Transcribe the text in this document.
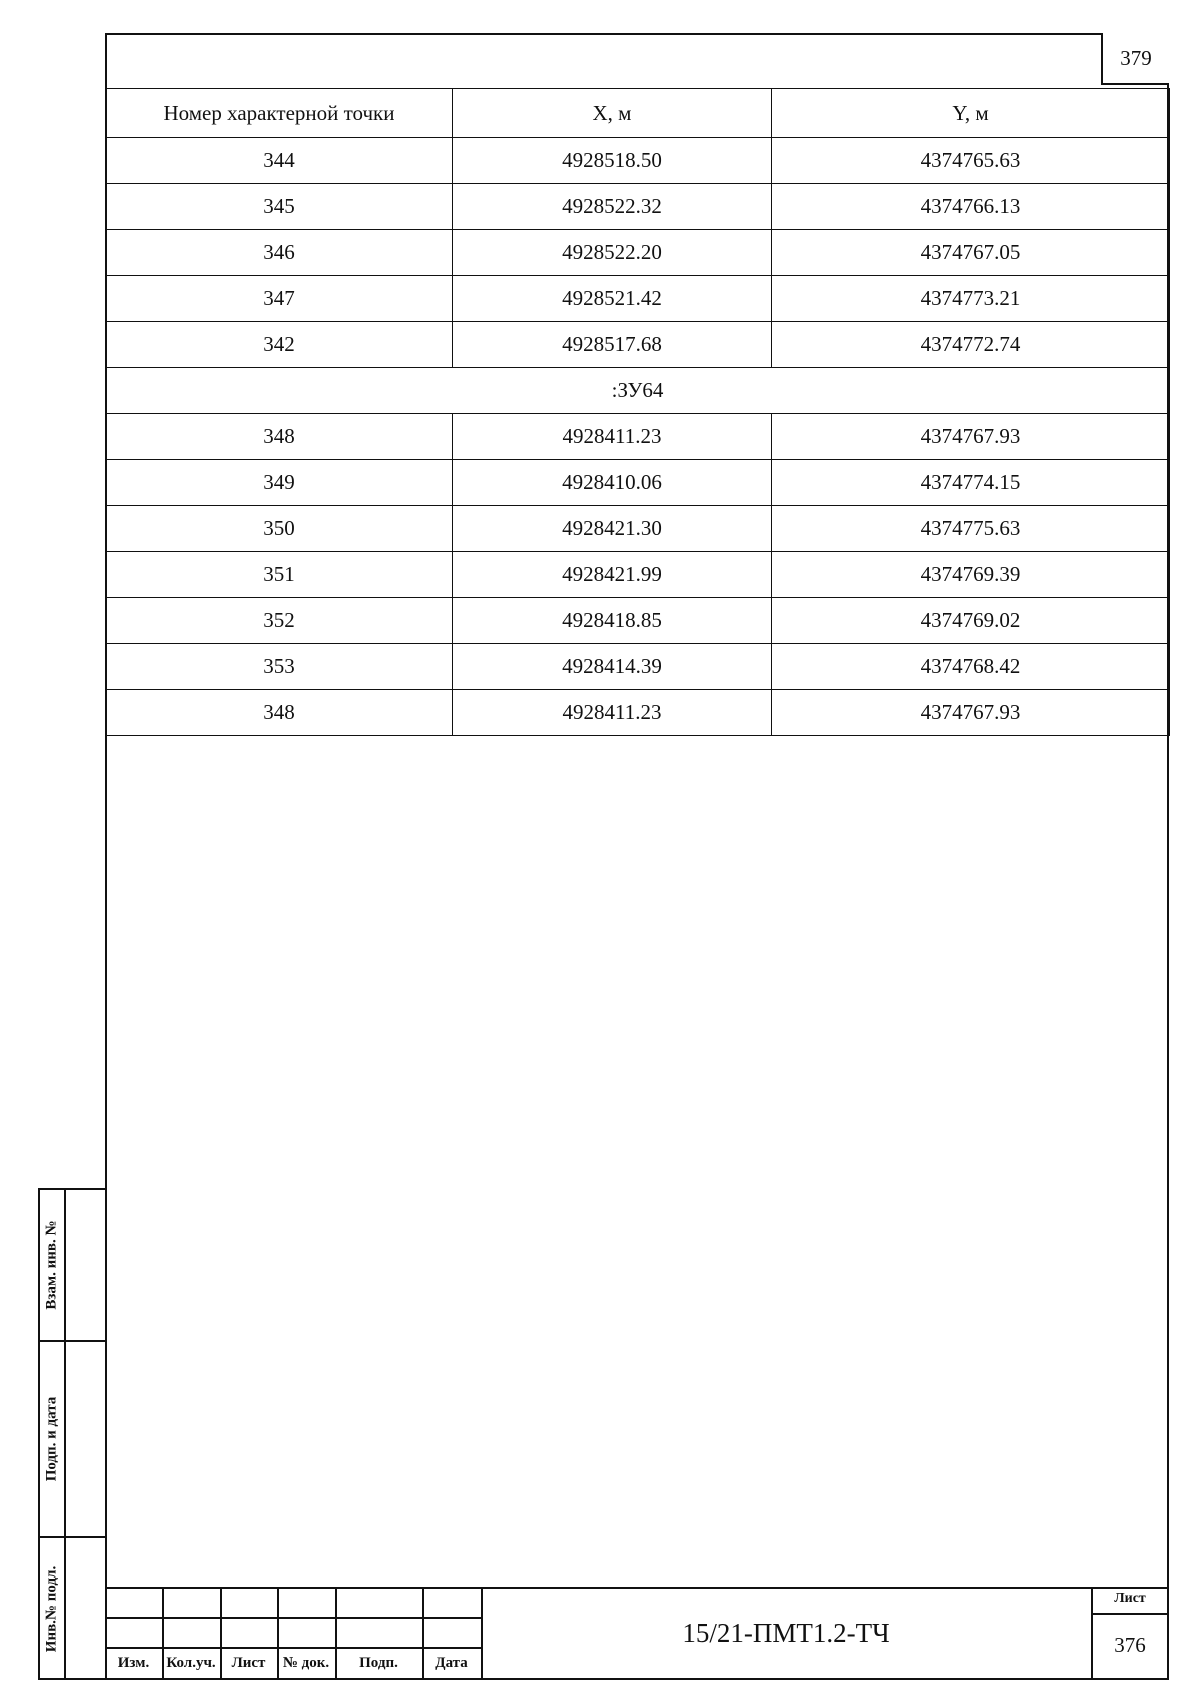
379
Номер характерной точки	X, м	Y, м
344	4928518.50	4374765.63
345	4928522.32	4374766.13
346	4928522.20	4374767.05
347	4928521.42	4374773.21
342	4928517.68	4374772.74
:ЗУ64		
348	4928411.23	4374767.93
349	4928410.06	4374774.15
350	4928421.30	4374775.63
351	4928421.99	4374769.39
352	4928418.85	4374769.02
353	4928414.39	4374768.42
348	4928411.23	4374767.93
Взам. инв. №
Подп. и дата
Инв.№ подл.
Изм.	Кол.уч.	Лист	№ док.	Подп.	Дата
15/21-ПМТ1.2-ТЧ
Лист
376
